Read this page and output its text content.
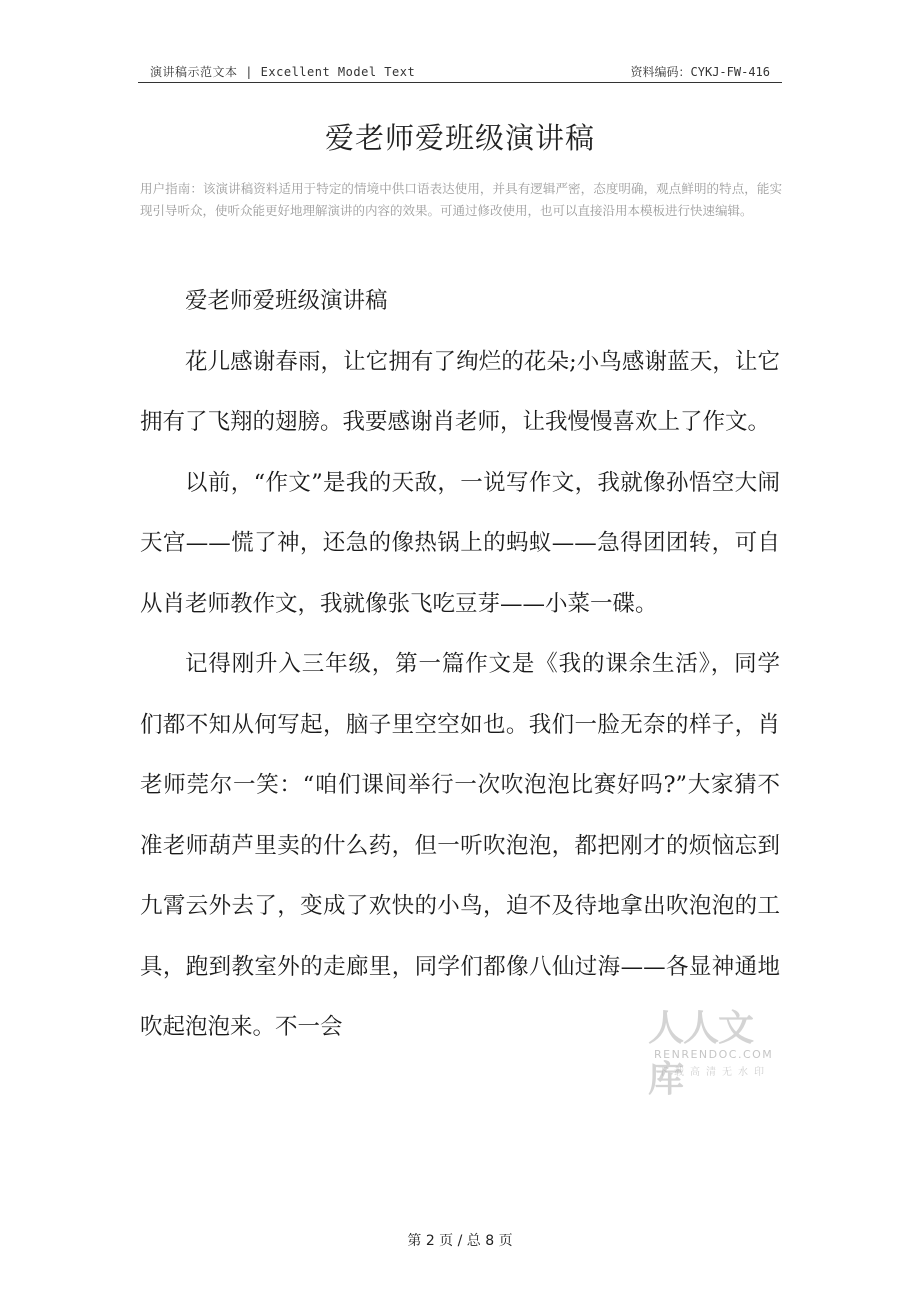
演讲稿示范文本 | Excellent Model Text	资料编码：CYKJ-FW-416
爱老师爱班级演讲稿
用户指南：该演讲稿资料适用于特定的情境中供口语表达使用，并具有逻辑严密，态度明确，观点鲜明的特点，能实现引导听众，使听众能更好地理解演讲的内容的效果。可通过修改使用，也可以直接沿用本模板进行快速编辑。

爱老师爱班级演讲稿

花儿感谢春雨，让它拥有了绚烂的花朵;小鸟感谢蓝天，让它拥有了飞翔的翅膀。我要感谢肖老师，让我慢慢喜欢上了作文。

以前，“作文”是我的天敌，一说写作文，我就像孙悟空大闹天宫——慌了神，还急的像热锅上的蚂蚁——急得团团转，可自从肖老师教作文，我就像张飞吃豆芽——小菜一碟。

记得刚升入三年级，第一篇作文是《我的课余生活》，同学们都不知从何写起，脑子里空空如也。我们一脸无奈的样子，肖老师莞尔一笑：“咱们课间举行一次吹泡泡比赛好吗?”大家猜不准老师葫芦里卖的什么药，但一听吹泡泡，都把刚才的烦恼忘到九霄云外去了，变成了欢快的小鸟，迫不及待地拿出吹泡泡的工具，跑到教室外的走廊里，同学们都像八仙过海——各显神通地吹起泡泡来。不一会	人人文库
RENRENDOC.COM
下载高清无水印
第 2 页 / 总 8 页
